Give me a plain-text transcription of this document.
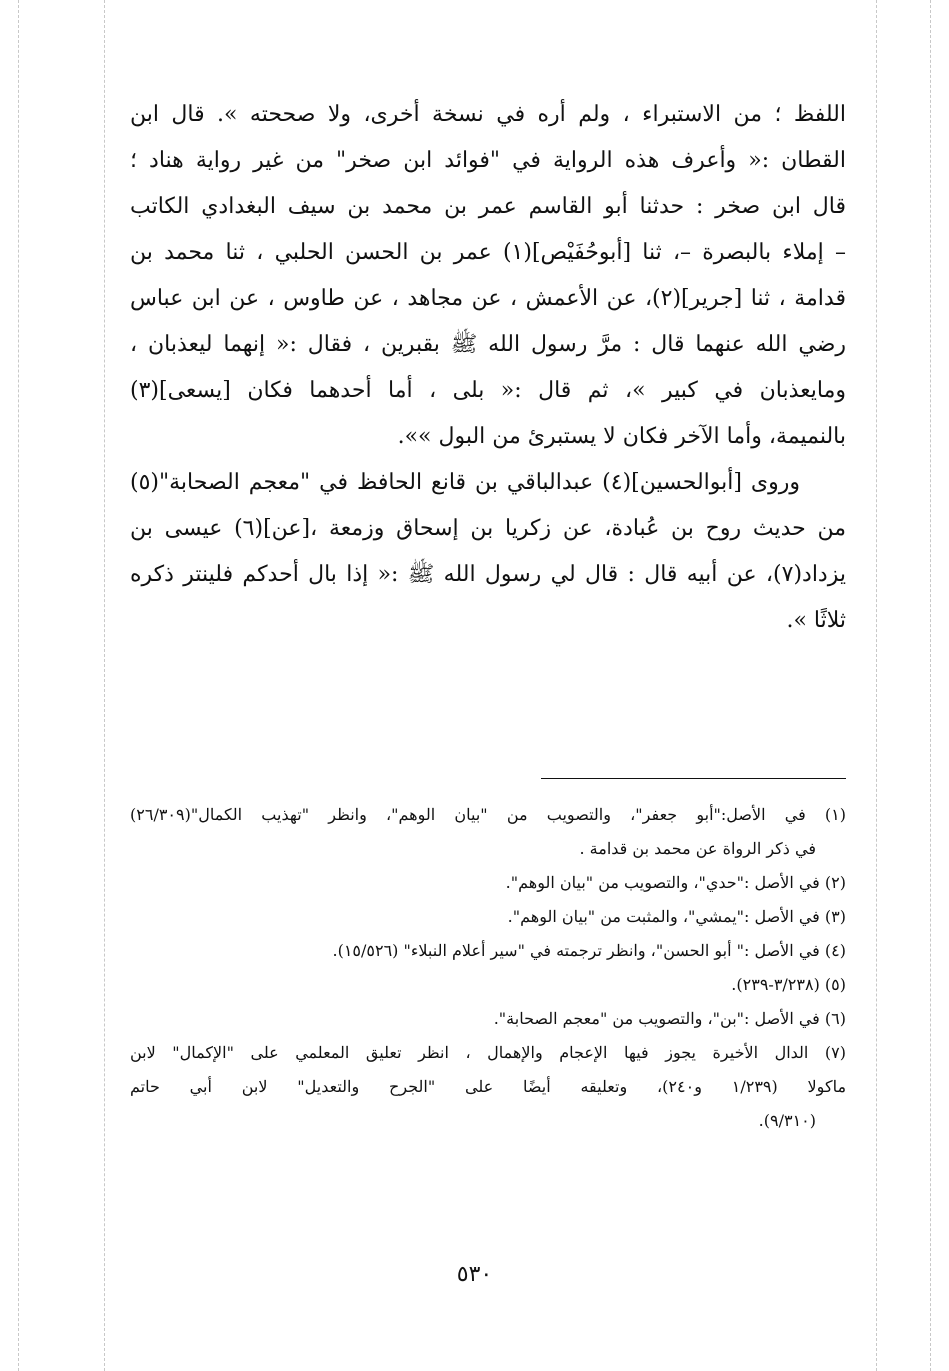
اللفظ ؛ من الاستبراء ، ولم أره في نسخة أخرى، ولا صححته ». قال ابن
القطان :« وأعرف هذه الرواية في "فوائد ابن صخر" من غير رواية هناد ؛
قال ابن صخر : حدثنا أبو القاسم عمر بن محمد بن سيف البغدادي الكاتب
– إملاء بالبصرة –، ثنا [أبوحُفَيْص](١) عمر بن الحسن الحلبي ، ثنا محمد بن
قدامة ، ثنا [جرير](٢)، عن الأعمش ، عن مجاهد ، عن طاوس ، عن ابن عباس
رضي الله عنهما قال : مرَّ رسول الله ﷺ بقبرين ، فقال :« إنهما ليعذبان ،
ومايعذبان في كبير »، ثم قال :« بلى ، أما أحدهما فكان [يسعى](٣)
بالنميمة، وأما الآخر فكان لا يستبرئ من البول »».
وروى [أبوالحسين](٤) عبدالباقي بن قانع الحافظ في "معجم الصحابة"(٥)
من حديث روح بن عُبادة، عن زكريا بن إسحاق وزمعة ،[عن](٦) عيسى بن
يزداد(٧)، عن أبيه قال : قال لي رسول الله ﷺ :« إذا بال أحدكم فلينتر ذكره
ثلاثًا ».
(١) في الأصل:"أبو جعفر"، والتصويب من "بيان الوهم"، وانظر "تهذيب الكمال"(٢٦/٣٠٩)
في ذكر الرواة عن محمد بن قدامة .
(٢) في الأصل :"حدي"، والتصويب من "بيان الوهم".
(٣) في الأصل :"يمشي"، والمثبت من "بيان الوهم".
(٤) في الأصل :" أبو الحسن"، وانظر ترجمته في "سير أعلام النبلاء" (١٥/٥٢٦).
(٥) (٣/٢٣٨-٢٣٩).
(٦) في الأصل :"بن"، والتصويب من "معجم الصحابة".
(٧) الدال الأخيرة يجوز فيها الإعجام والإهمال ، انظر تعليق المعلمي على "الإكمال" لابن
ماكولا (١/٢٣٩ و٢٤٠)، وتعليقه أيضًا على "الجرح والتعديل" لابن أبي حاتم
(٩/٣١٠).
٥٣٠
